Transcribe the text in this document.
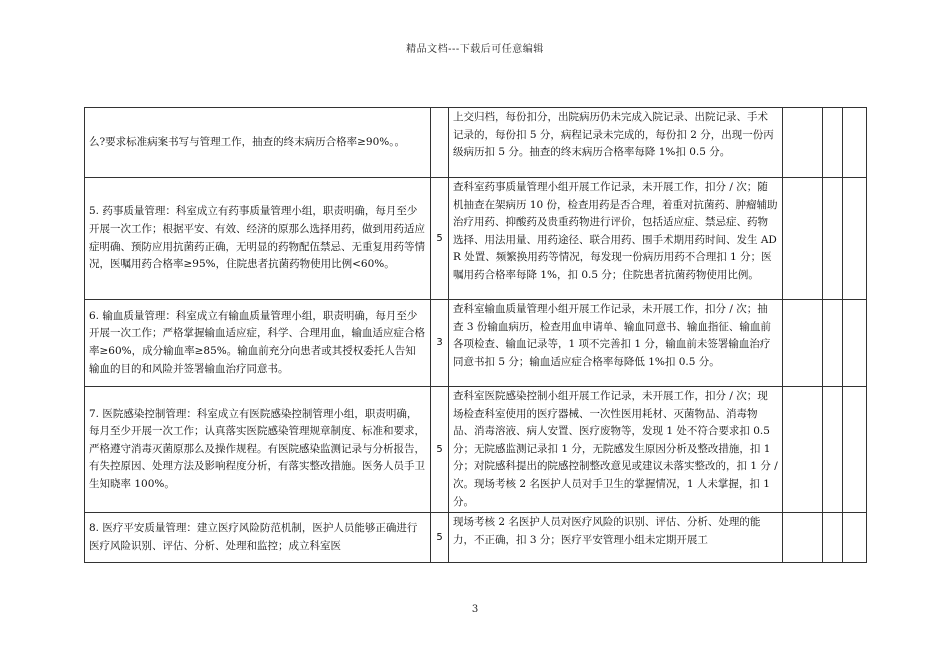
精品文档---下载后可任意编辑
么?要求标准病案书写与管理工作，抽查的终末病历合格率≥90%。。		上交归档，每份扣分，出院病历仍未完成入院记录、出院记录、手术记录的，每份扣 5 分，病程记录未完成的，每份扣 2 分，出现一份丙级病历扣 5 分。抽查的终末病历合格率每降 1%扣 0.5 分。			
5. 药事质量管理：科室成立有药事质量管理小组，职责明确，每月至少开展一次工作；根据平安、有效、经济的原那么选择用药，做到用药适应症明确、预防应用抗菌药正确，无明显的药物配伍禁忌、无重复用药等情况，医嘱用药合格率≥95%，住院患者抗菌药物使用比例<60%。	5	查科室药事质量管理小组开展工作记录，未开展工作，扣分 / 次；随机抽查在架病历 10 份，检查用药是否合理，着重对抗菌药、肿瘤辅助治疗用药、抑酸药及贵重药物进行评价，包括适应症、禁忌症、药物选择、用法用量、用药途径、联合用药、围手术期用药时间、发生 ADR 处置、频繁换用药等情况，每发现一份病历用药不合理扣 1 分；医嘱用药合格率每降 1%，扣 0.5 分；住院患者抗菌药物使用比例。			
6. 输血质量管理：科室成立有输血质量管理小组，职责明确，每月至少开展一次工作；严格掌握输血适应症，科学、合理用血，输血适应症合格率≥60%，成分输血率≥85%。输血前充分向患者或其授权委托人告知输血的目的和风险并签署输血治疗同意书。	3	查科室输血质量管理小组开展工作记录，未开展工作，扣分 / 次；抽查 3 份输血病历，检查用血申请单、输血同意书、输血指征、输血前各项检查、输血记录等，1 项不完善扣 1 分，输血前未签署输血治疗同意书扣 5 分；输血适应症合格率每降低 1%扣 0.5 分。			
7. 医院感染控制管理：科室成立有医院感染控制管理小组，职责明确，每月至少开展一次工作；认真落实医院感染管理规章制度、标准和要求，严格遵守消毒灭菌原那么及操作规程。有医院感染监测记录与分析报告，有失控原因、处理方法及影响程度分析，有落实整改措施。医务人员手卫生知晓率 100%。	5	查科室医院感染控制小组开展工作记录，未开展工作，扣分 / 次；现场检查科室使用的医疗器械、一次性医用耗材、灭菌物品、消毒物品、消毒溶液、病人安置、医疗废物等，发现 1 处不符合要求扣 0.5 分；无院感监测记录扣 1 分，无院感发生原因分析及整改措施，扣 1 分；对院感科提出的院感控制整改意见或建议未落实整改的，扣 1 分 / 次。现场考核 2 名医护人员对手卫生的掌握情况，1 人未掌握，扣 1 分。			
8. 医疗平安质量管理：建立医疗风险防范机制，医护人员能够正确进行医疗风险识别、评估、分析、处理和监控；成立科室医	5	现场考核 2 名医护人员对医疗风险的识别、评估、分析、处理的能力，不正确，扣 3 分；医疗平安管理小组未定期开展工			
3
